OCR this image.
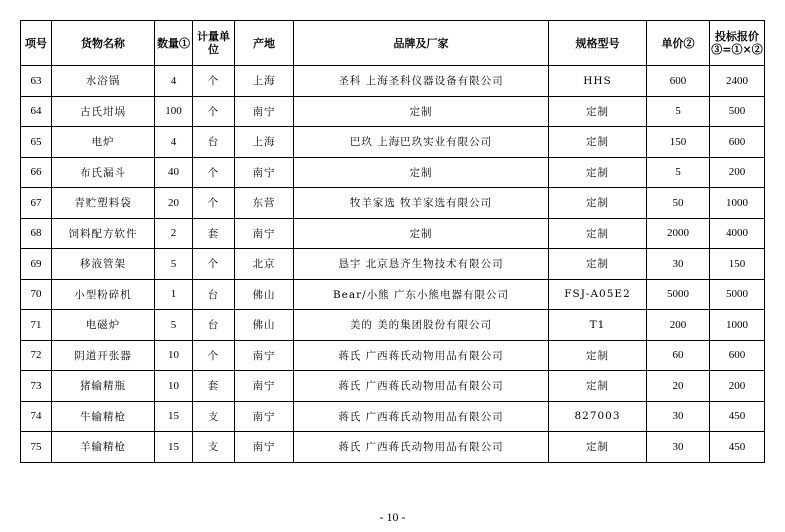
项号	货物名称	数量①	计量单位	产地	品牌及厂家	规格型号	单价②	投标报价③=①×②
63	水浴锅	4	个	上海	圣科 上海圣科仪器设备有限公司	HHS	600	2400
64	古氏坩埚	100	个	南宁	定制	定制	5	500
65	电炉	4	台	上海	巴玖 上海巴玖实业有限公司	定制	150	600
66	布氏漏斗	40	个	南宁	定制	定制	5	200
67	青贮塑料袋	20	个	东营	牧羊家选 牧羊家选有限公司	定制	50	1000
68	饲料配方软件	2	套	南宁	定制	定制	2000	4000
69	移液管架	5	个	北京	恳宇 北京恳齐生物技术有限公司	定制	30	150
70	小型粉碎机	1	台	佛山	Bear/小熊 广东小熊电器有限公司	FSJ-A05E2	5000	5000
71	电磁炉	5	台	佛山	美的 美的集团股份有限公司	T1	200	1000
72	阴道开张器	10	个	南宁	蒋氏 广西蒋氏动物用品有限公司	定制	60	600
73	猪输精瓶	10	套	南宁	蒋氏 广西蒋氏动物用品有限公司	定制	20	200
74	牛输精枪	15	支	南宁	蒋氏 广西蒋氏动物用品有限公司	827003	30	450
75	羊输精枪	15	支	南宁	蒋氏 广西蒋氏动物用品有限公司	定制	30	450
- 10 -
